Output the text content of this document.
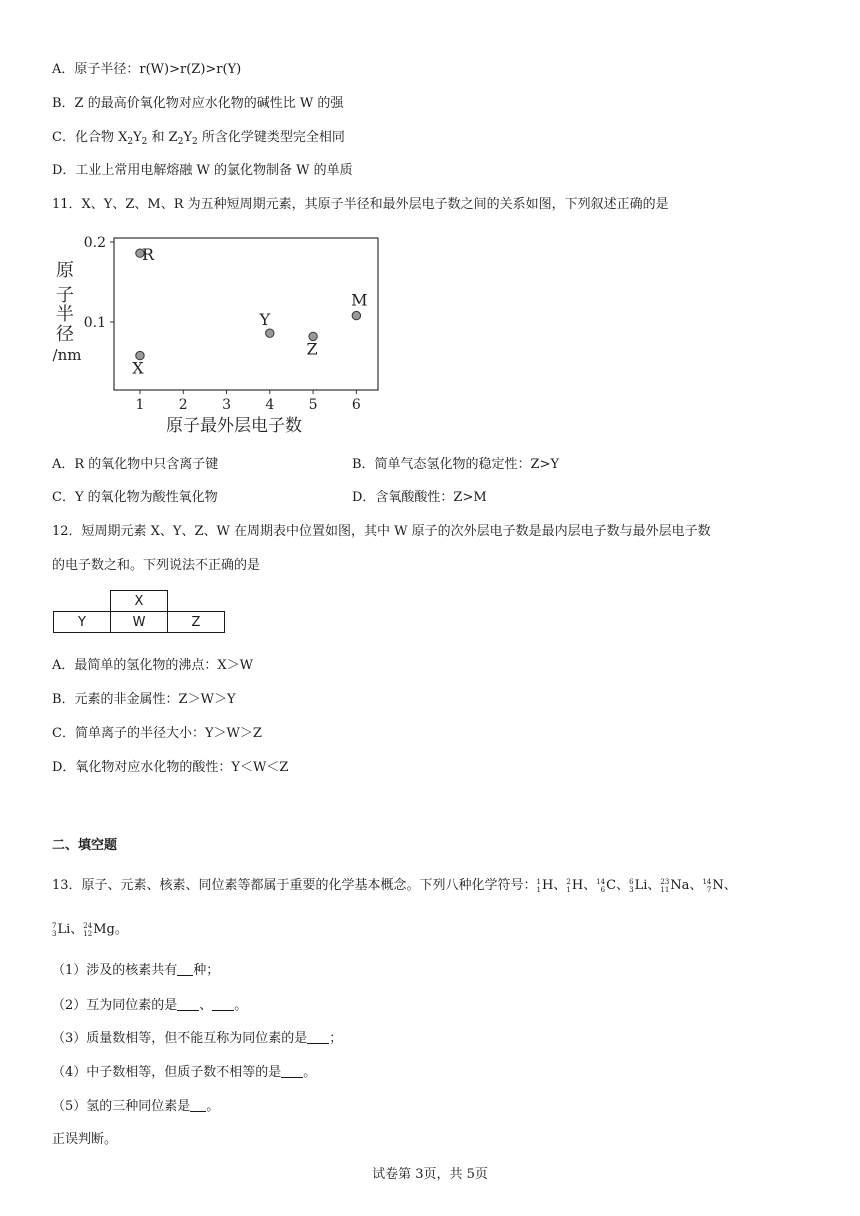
A．原子半径：r(W)>r(Z)>r(Y)
B．Z 的最高价氧化物对应水化物的碱性比 W 的强
C．化合物 $X_2Y_2$ 和 $Z_2Y_2$ 所含化学键类型完全相同
D．工业上常用电解熔融 W 的氯化物制备 W 的单质
11．X、Y、Z、M、R 为五种短周期元素，其原子半径和最外层电子数之间的关系如图，下列叙述正确的是
1 2 3 4 5 6
0.1
0.2
原子最外层电子数
原
子
半
径
/nm
R
X
Y
Z
M
A．R 的氧化物中只含离子键	B．简单气态氢化物的稳定性：Z>Y
C．Y 的氧化物为酸性氧化物	D．含氧酸酸性：Z>M
12．短周期元素 X、Y、Z、W 在周期表中位置如图，其中 W 原子的次外层电子数是最内层电子数与最外层电子数
的电子数之和。下列说法不正确的是
	X	
Y	W	Z
A．最简单的氢化物的沸点：X＞W
B．元素的非金属性：Z＞W＞Y
C．简单离子的半径大小：Y＞W＞Z
D．氧化物对应水化物的酸性：Y＜W＜Z
二、填空题
13．原子、元素、核素、同位素等都属于重要的化学基本概念。下列八种化学符号： 1
1 H、 2
1 H、 14
6 C、 6
3 Li、 23
11 Na、 14
7 N、
7
3 Li、 24
12 Mg。
（1）涉及的核素共有 种；
（2）互为同位素的是 、 。
（3）质量数相等，但不能互称为同位素的是 ；
（4）中子数相等，但质子数不相等的是 。
（5）氢的三种同位素是 。
正误判断。
试卷第 3页，共 5页
